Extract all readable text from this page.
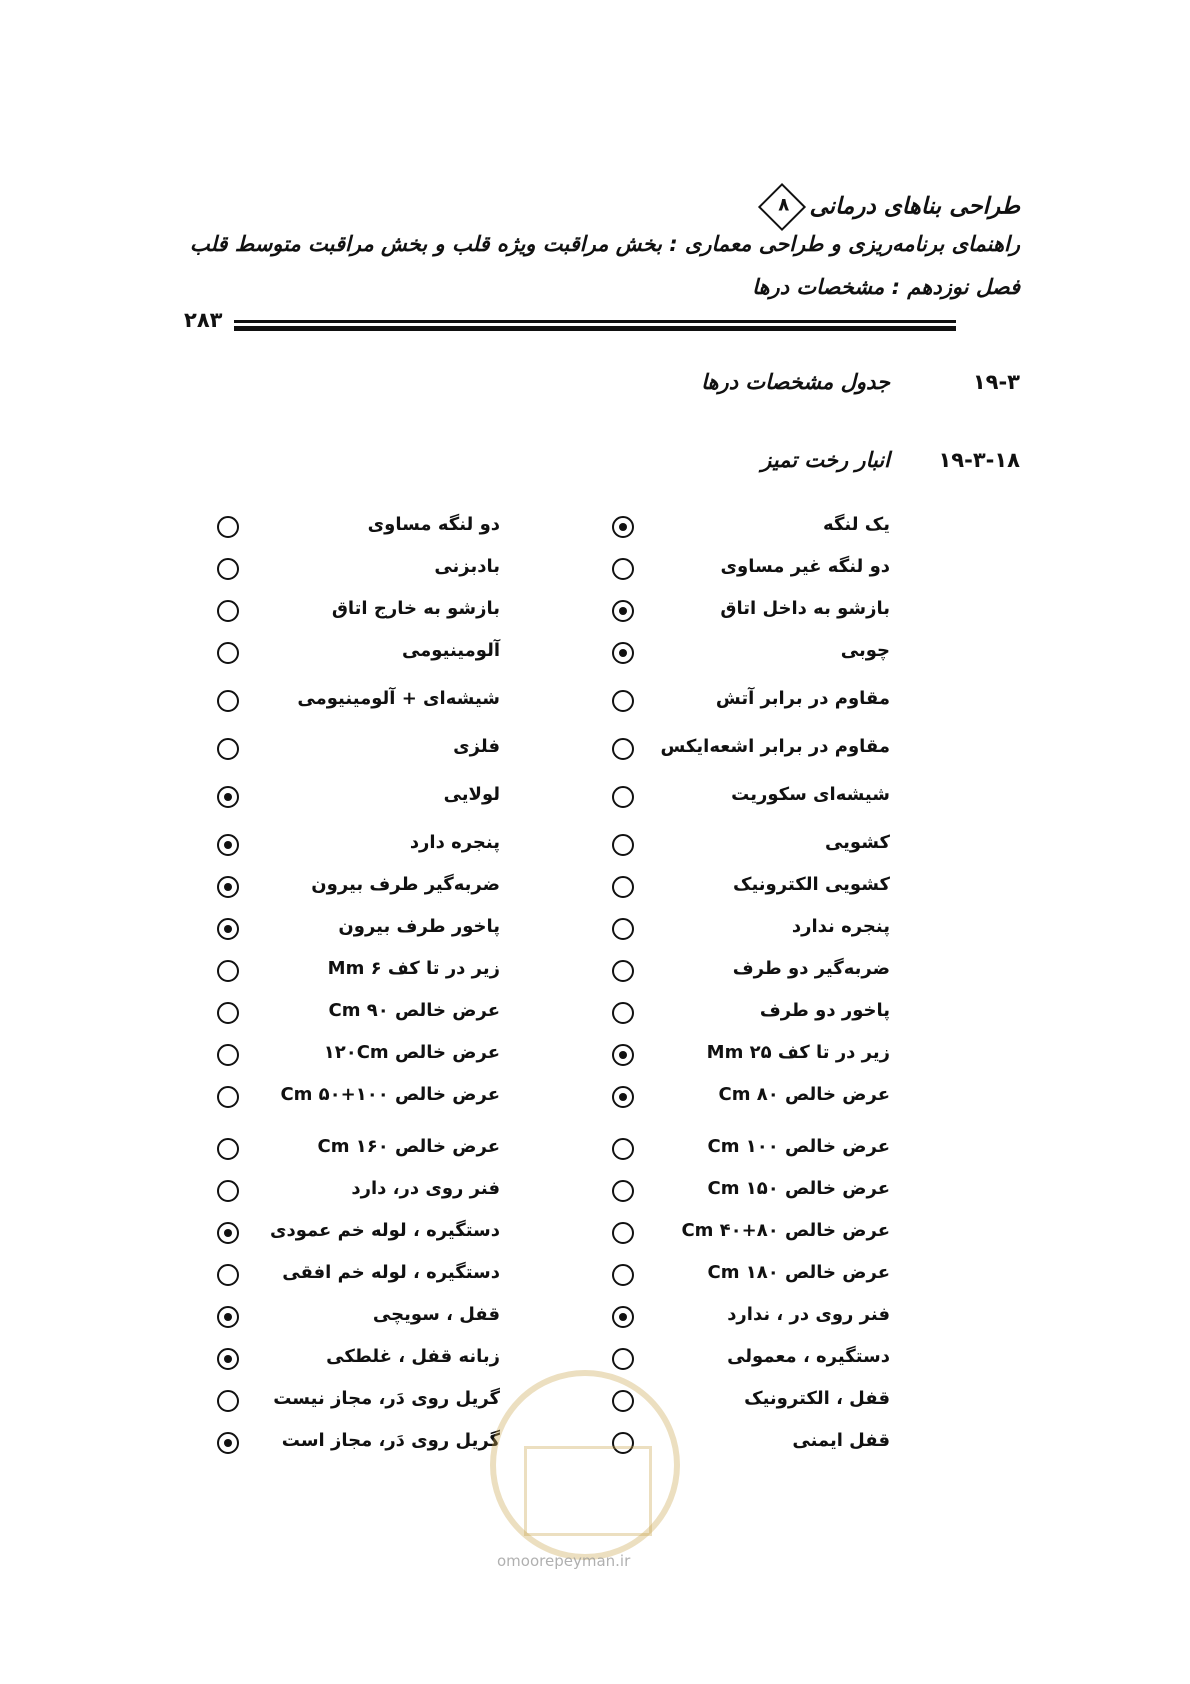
طراحی بناهای درمانی
۸
راهنمای برنامه‌ریزی و طراحی معماری : بخش مراقبت ویژه قلب و بخش مراقبت متوسط قلب
فصل نوزدهم : مشخصات درها
۲۸۳
۱۹-۳
جدول مشخصات درها
۱۹-۳-۱۸
انبار رخت تمیز
یک لنگه
دو لنگه غیر مساوی
بازشو به داخل اتاق
چوبی
مقاوم در برابر آتش
مقاوم در برابر اشعه‌ایکس
شیشه‌ای سکوریت
کشویی
کشویی الکترونیک
پنجره ندارد
ضربه‌گیر دو طرف
پاخور دو طرف
زیر در تا کف Mm ۲۵
عرض خالص Cm ۸۰
عرض خالص Cm ۱۰۰
عرض خالص Cm ۱۵۰
عرض خالص Cm ۴۰+۸۰
عرض خالص Cm ۱۸۰
فنر روی در ، ندارد
دستگیره ، معمولی
قفل ، الکترونیک
قفل ایمنی
دو لنگه مساوی
بادبزنی
بازشو به خارج اتاق
آلومینیومی
شیشه‌ای + آلومینیومی
فلزی
لولایی
پنجره دارد
ضربه‌گیر طرف بیرون
پاخور طرف بیرون
زیر در تا کف Mm ۶
عرض خالص Cm ۹۰
عرض خالص ۱۲۰Cm
عرض خالص Cm ۵۰+۱۰۰
عرض خالص Cm ۱۶۰
فنر روی در، دارد
دستگیره ، لوله خم عمودی
دستگیره ، لوله خم افقی
قفل ، سویچی
زبانه قفل ، غلطکی
گریل روی دَر، مجاز نیست
گریل روی دَر، مجاز است
omoorepeyman.ir
